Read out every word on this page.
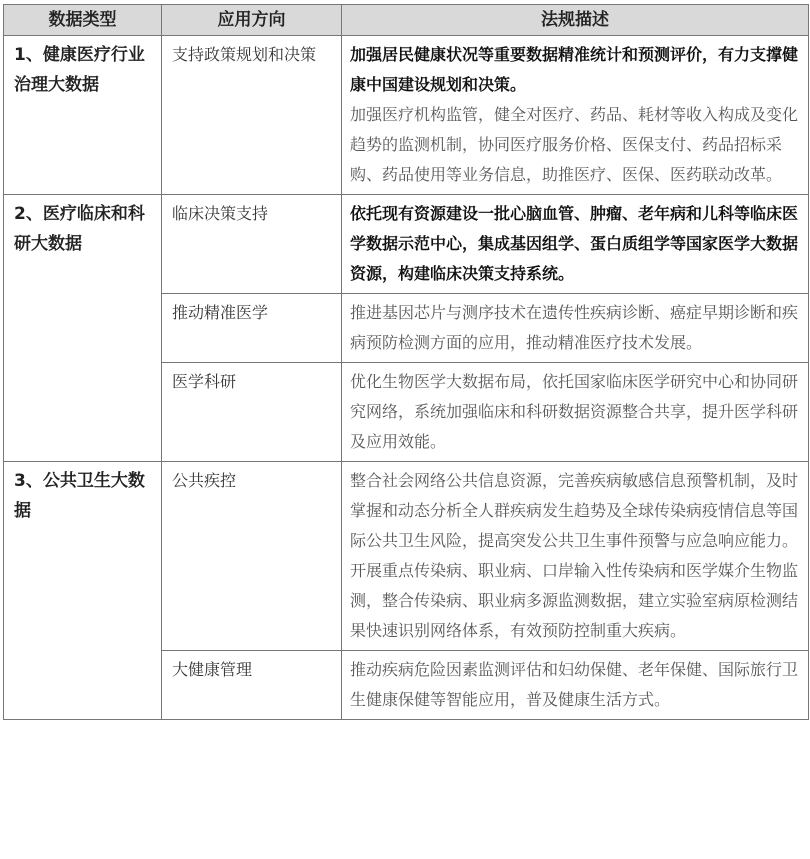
数据类型	应用方向	法规描述
1、健康医疗行业治理大数据	支持政策规划和决策	加强居民健康状况等重要数据精准统计和预测评价，有力支撑健康中国建设规划和决策。

加强医疗机构监管，健全对医疗、药品、耗材等收入构成及变化趋势的监测机制，协同医疗服务价格、医保支付、药品招标采购、药品使用等业务信息，助推医疗、医保、医药联动改革。

2、医疗临床和科研大数据	临床决策支持	依托现有资源建设一批心脑血管、肿瘤、老年病和儿科等临床医学数据示范中心，集成基因组学、蛋白质组学等国家医学大数据资源，构建临床决策支持系统。

	推动精准医学	推进基因芯片与测序技术在遗传性疾病诊断、癌症早期诊断和疾病预防检测方面的应用，推动精准医疗技术发展。

	医学科研	优化生物医学大数据布局，依托国家临床医学研究中心和协同研究网络，系统加强临床和科研数据资源整合共享，提升医学科研及应用效能。

3、公共卫生大数据	公共疾控	整合社会网络公共信息资源，完善疾病敏感信息预警机制，及时掌握和动态分析全人群疾病发生趋势及全球传染病疫情信息等国际公共卫生风险，提高突发公共卫生事件预警与应急响应能力。

开展重点传染病、职业病、口岸输入性传染病和医学媒介生物监测，整合传染病、职业病多源监测数据，建立实验室病原检测结果快速识别网络体系，有效预防控制重大疾病。

	大健康管理	推动疾病危险因素监测评估和妇幼保健、老年保健、国际旅行卫生健康保健等智能应用，普及健康生活方式。
